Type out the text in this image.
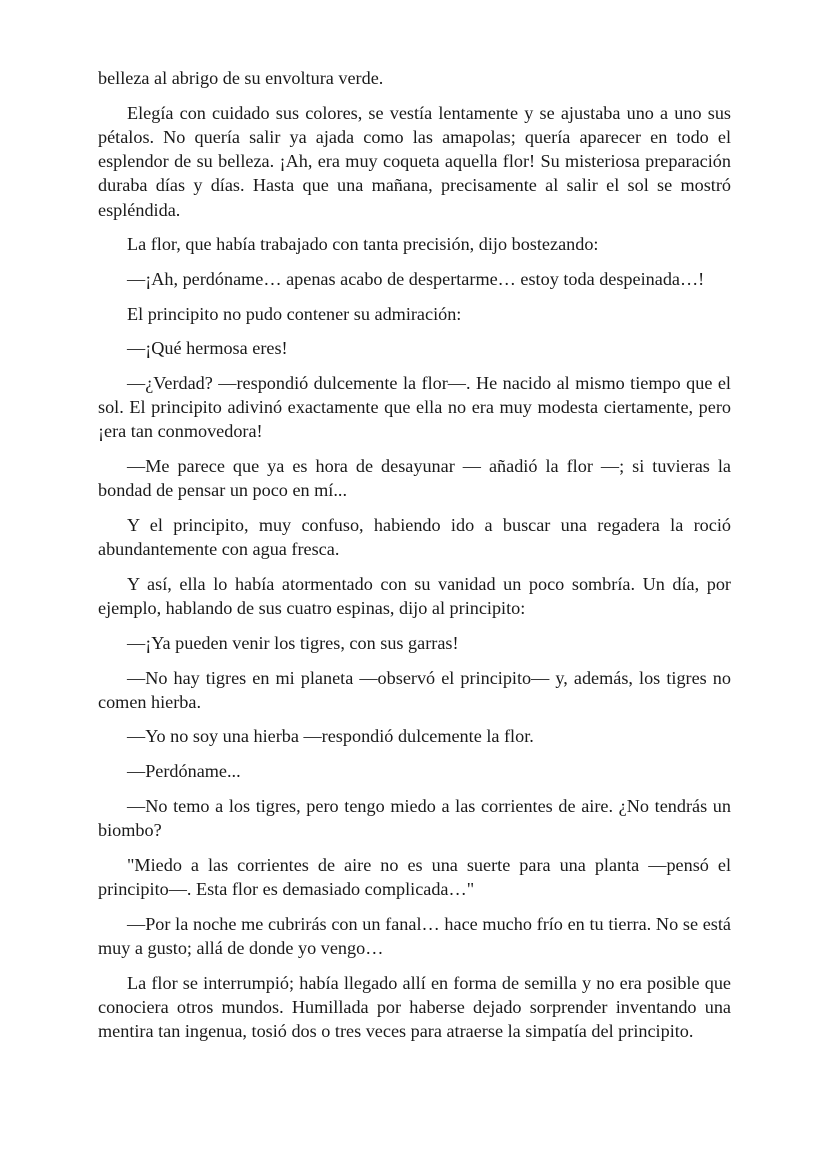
belleza al abrigo de su envoltura verde.

Elegía con cuidado sus colores, se vestía lentamente y se ajustaba uno a uno sus pétalos. No quería salir ya ajada como las amapolas; quería aparecer en todo el esplendor de su belleza. ¡Ah, era muy coqueta aquella flor! Su misteriosa preparación duraba días y días. Hasta que una mañana, precisamente al salir el sol se mostró espléndida.

La flor, que había trabajado con tanta precisión, dijo bostezando:

—¡Ah, perdóname… apenas acabo de despertarme… estoy toda despeinada…!

El principito no pudo contener su admiración:

—¡Qué hermosa eres!

—¿Verdad? —respondió dulcemente la flor—. He nacido al mismo tiempo que el sol. El principito adivinó exactamente que ella no era muy modesta ciertamente, pero ¡era tan conmovedora!

—Me parece que ya es hora de desayunar — añadió la flor —; si tuvieras la bondad de pensar un poco en mí...

Y el principito, muy confuso, habiendo ido a buscar una regadera la roció abundantemente con agua fresca.

Y así, ella lo había atormentado con su vanidad un poco sombría. Un día, por ejemplo, hablando de sus cuatro espinas, dijo al principito:

—¡Ya pueden venir los tigres, con sus garras!

—No hay tigres en mi planeta —observó el principito— y, además, los tigres no comen hierba.

—Yo no soy una hierba —respondió dulcemente la flor.

—Perdóname...

—No temo a los tigres, pero tengo miedo a las corrientes de aire. ¿No tendrás un biombo?

"Miedo a las corrientes de aire no es una suerte para una planta —pensó el principito—. Esta flor es demasiado complicada…"

—Por la noche me cubrirás con un fanal… hace mucho frío en tu tierra. No se está muy a gusto; allá de donde yo vengo…

La flor se interrumpió; había llegado allí en forma de semilla y no era posible que conociera otros mundos. Humillada por haberse dejado sorprender inventando una mentira tan ingenua, tosió dos o tres veces para atraerse la simpatía del principito.
